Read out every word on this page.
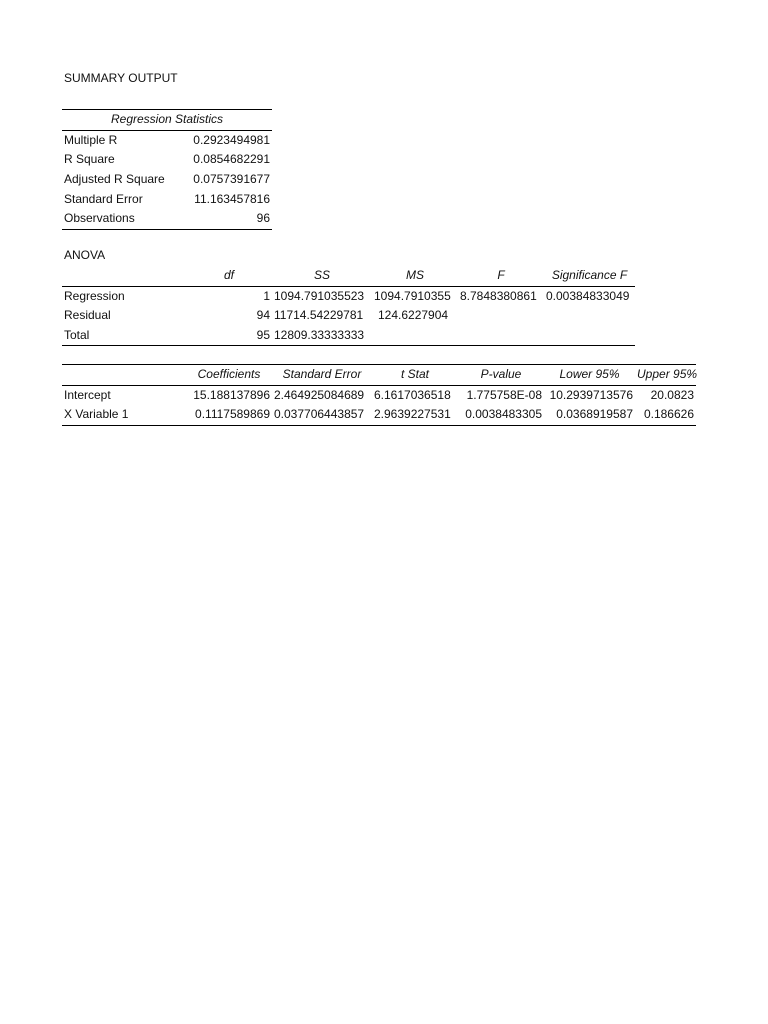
SUMMARY OUTPUT
Regression Statistics	
Multiple R	0.2923494981
R Square	0.0854682291
Adjusted R Square	0.0757391677
Standard Error	11.163457816
Observations	96
ANOVA
	df	SS	MS	F	Significance F
Regression	1	1094.791035523	1094.7910355	8.7848380861	0.00384833049
Residual	94	11714.54229781	124.6227904		
Total	95	12809.33333333			
	Coefficients	Standard Error	t Stat	P-value	Lower 95%	Upper 95%
Intercept	15.188137896	2.464925084689	6.1617036518	1.775758E-08	10.2939713576	20.0823
X Variable 1	0.1117589869	0.037706443857	2.9639227531	0.0038483305	0.0368919587	0.186626
